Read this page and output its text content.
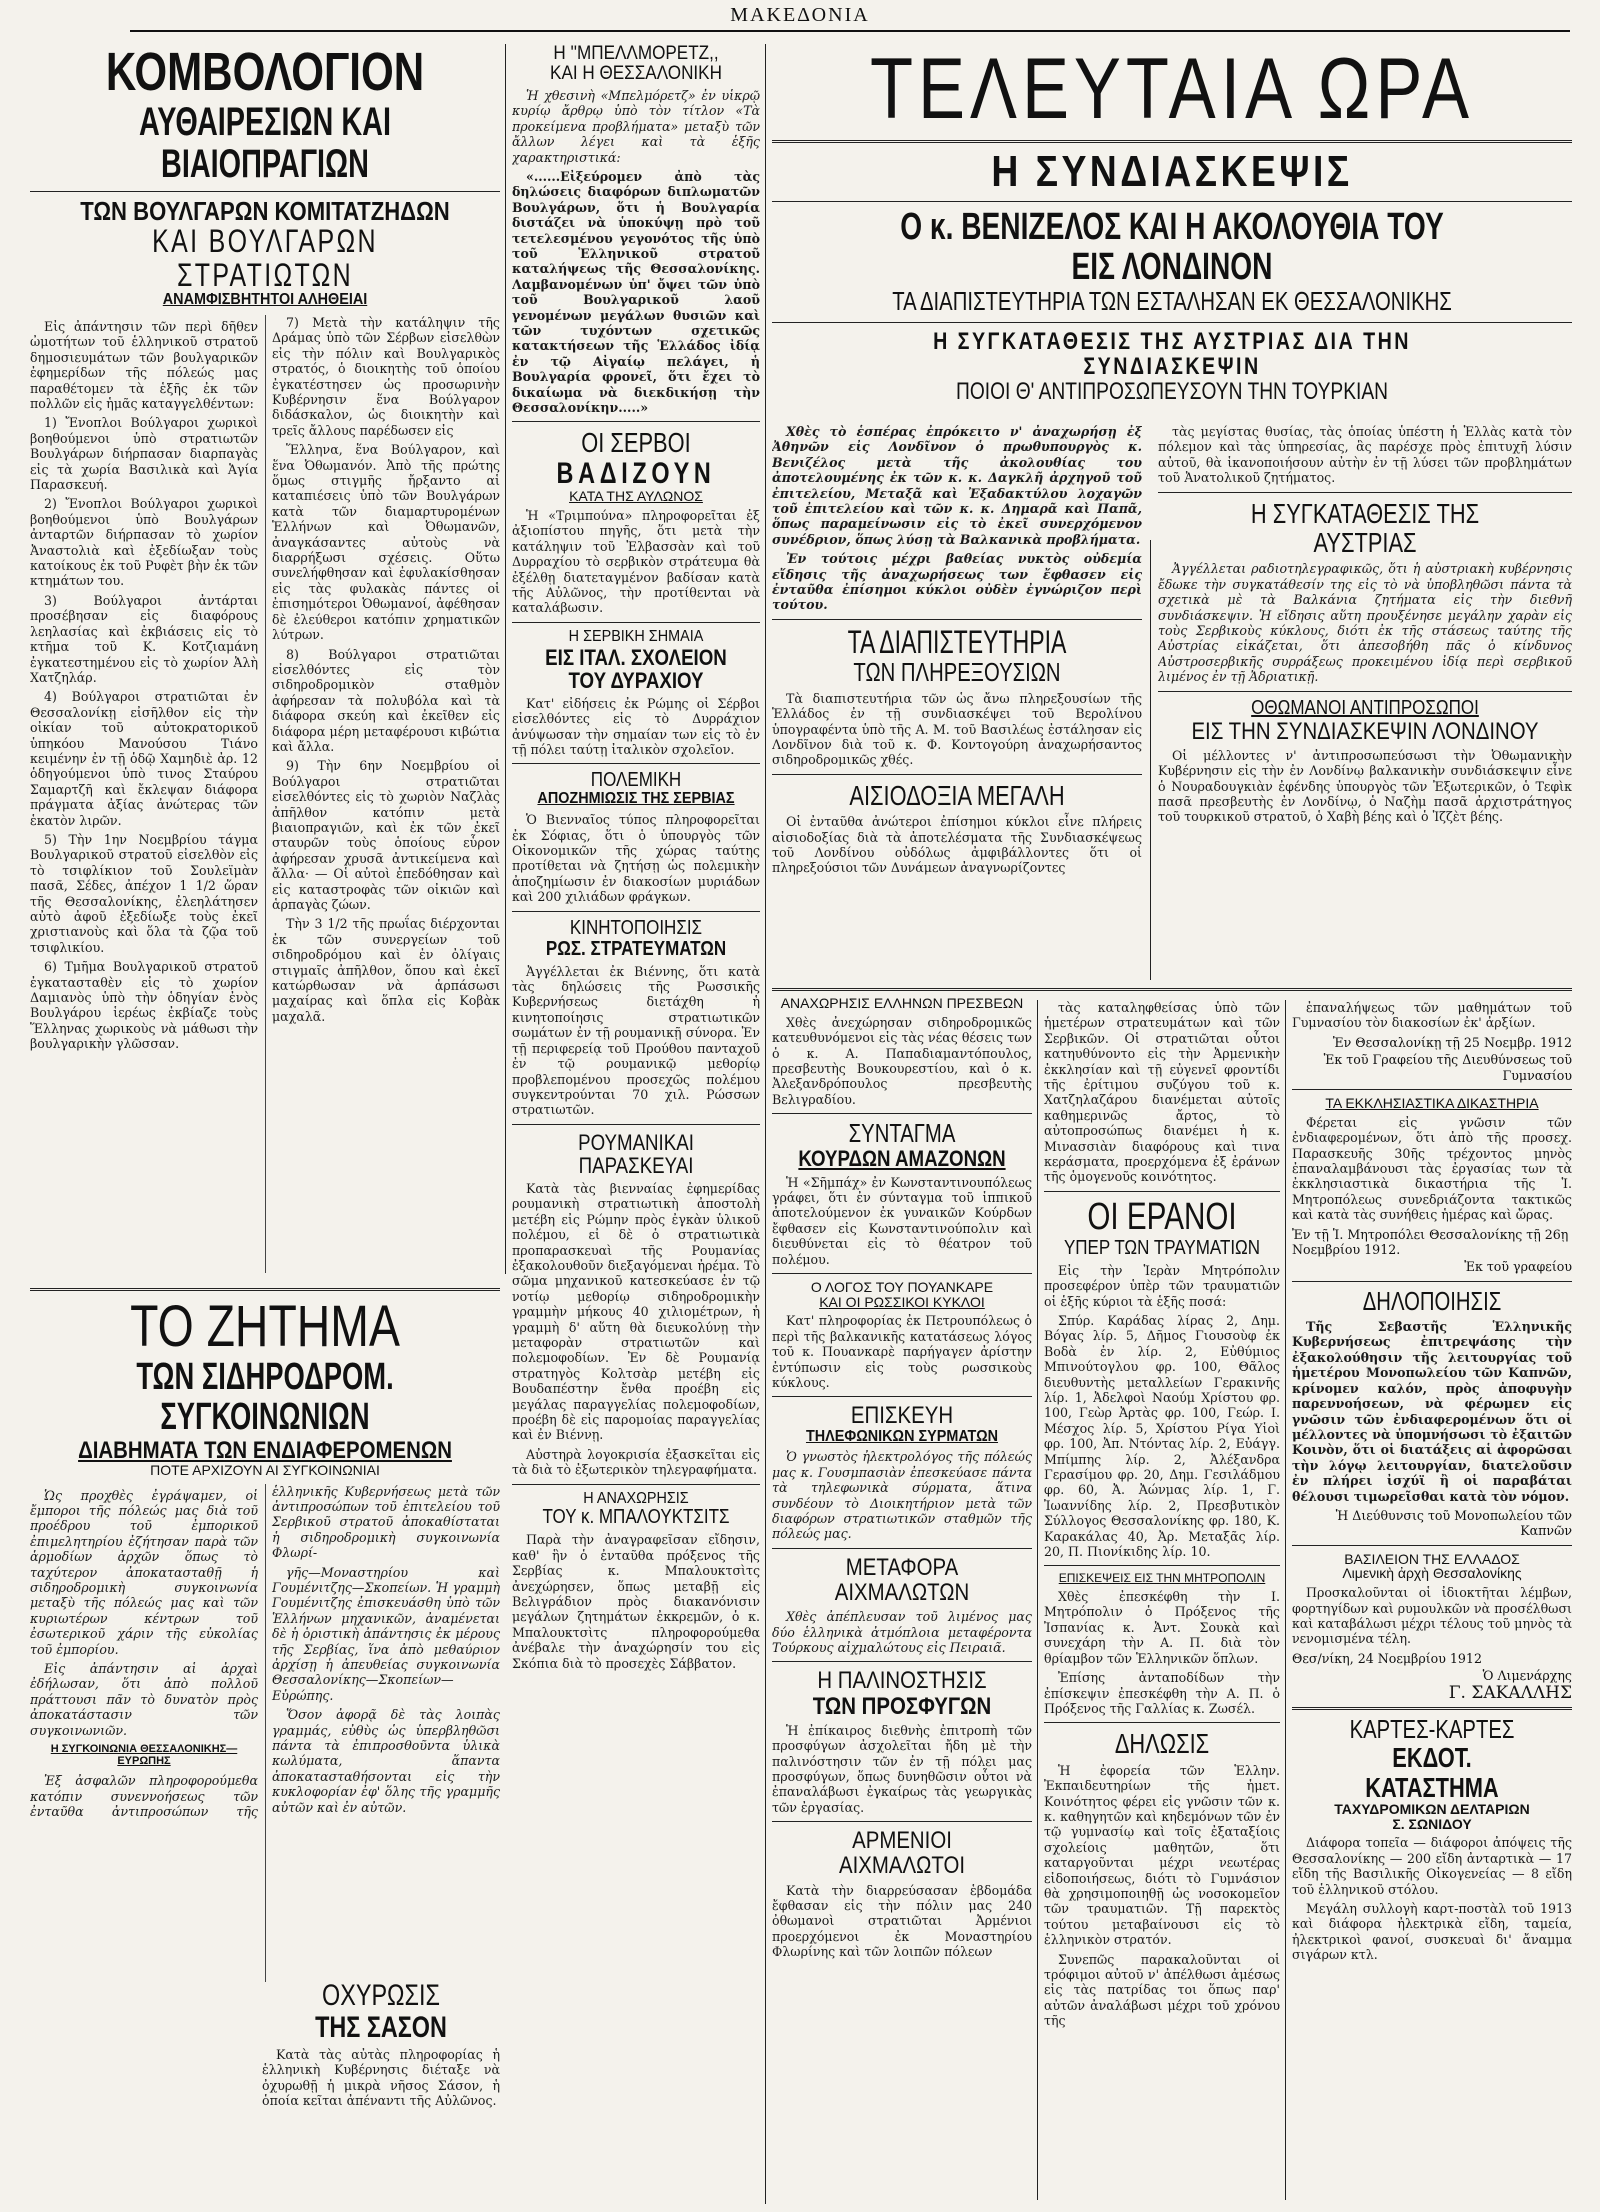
ΜΑΚΕΔΟΝΙΑ

ΚΟΜΒΟΛΟΓΙΟΝ

ΑΥΘΑΙΡΕΣΙΩΝ ΚΑΙ ΒΙΑΙΟΠΡΑΓΙΩΝ

ΤΩΝ ΒΟΥΛΓΑΡΩΝ ΚΟΜΙΤΑΤΖΗΔΩΝ

ΚΑΙ ΒΟΥΛΓΑΡΩΝ ΣΤΡΑΤΙΩΤΩΝ

ΑΝΑΜΦΙΣΒΗΤΗΤΟΙ ΑΛΗΘΕΙΑΙ

Εἰς ἀπάντησιν τῶν περὶ δῆθεν ὠμοτήτων τοῦ ἑλληνικοῦ στρατοῦ δημοσιευμάτων τῶν βουλγαρικῶν ἐφημερίδων τῆς πόλεώς μας παραθέτομεν τὰ ἑξῆς ἐκ τῶν πολλῶν εἰς ἡμᾶς καταγγελθέντων:

1) Ἔνοπλοι Βούλγαροι χωρικοὶ βοηθούμενοι ὑπὸ στρατιωτῶν Βουλγάρων διήρπασαν διαρπαγὰς εἰς τὰ χωρία Βασιλικὰ καὶ Ἁγία Παρασκευή.

2) Ἔνοπλοι Βούλγαροι χωρικοὶ βοηθούμενοι ὑπὸ Βουλγάρων ἀνταρτῶν διήρπασαν τὸ χωρίον Ἀναστολιὰ καὶ ἐξεδίωξαν τοὺς κατοίκους ἐκ τοῦ Ρυφὲτ βὴν ἐκ τῶν κτημάτων του.

3) Βούλγαροι ἀντάρται προσέβησαν εἰς διαφόρους λεηλασίας καὶ ἐκβιάσεις εἰς τὸ κτῆμα τοῦ Κ. Κοτζιαμάνη ἐγκατεστημένου εἰς τὸ χωρίον Ἀλὴ Χατζηλάρ.

4) Βούλγαροι στρατιῶται ἐν Θεσσαλονίκῃ εἰσῆλθον εἰς τὴν οἰκίαν τοῦ αὐτοκρατορικοῦ ὑπηκόου Μανούσου Τιάνο κειμένην ἐν τῇ ὁδῷ Χαμηδιὲ ἀρ. 12 ὁδηγούμενοι ὑπὸ τινος Σταύρου Σαμαρτζῆ καὶ ἔκλεψαν διάφορα πράγματα ἀξίας ἀνώτερας τῶν ἑκατὸν λιρῶν.

5) Τὴν 1ην Νοεμβρίου τάγμα Βουλγαρικοῦ στρατοῦ εἰσελθὸν εἰς τὸ τσιφλίκιον τοῦ Σουλεϊμὰν πασᾶ, Σέδες, ἀπέχον 1 1/2 ὥραν τῆς Θεσσαλονίκης, ἐλεηλάτησεν αὐτὸ ἀφοῦ ἐξεδίωξε τοὺς ἐκεῖ χριστιανοὺς καὶ ὅλα τὰ ζῷα τοῦ τσιφλικίου.

6) Τμῆμα Βουλγαρικοῦ στρατοῦ ἐγκατασταθὲν εἰς τὸ χωρίον Δαμιανὸς ὑπὸ τὴν ὁδηγίαν ἐνὸς Βουλγάρου ἱερέως ἐκβίαζε τοὺς Ἕλληνας χωρικοὺς νὰ μάθωσι τὴν βουλγαρικὴν γλῶσσαν.

7) Μετὰ τὴν κατάληψιν τῆς Δράμας ὑπὸ τῶν Σέρβων εἰσελθὼν εἰς τὴν πόλιν καὶ Βουλγαρικὸς στρατός, ὁ διοικητὴς τοῦ ὁποίου ἐγκατέστησεν ὡς προσωρινὴν Κυβέρνησιν ἕνα Βούλγαρον διδάσκαλον, ὡς διοικητὴν καὶ τρεῖς ἄλλους παρέδωσεν εἰς

Ἕλληνα, ἕνα Βούλγαρον, καὶ ἕνα Ὀθωμανόν. Ἀπὸ τῆς πρώτης ὅμως στιγμῆς ἤρξαντο αἱ καταπιέσεις ὑπὸ τῶν Βουλγάρων κατὰ τῶν διαμαρτυρομένων Ἑλλήνων καὶ Ὀθωμανῶν, ἀναγκάσαντες αὐτοὺς νὰ διαρρήξωσι σχέσεις. Οὕτω συνελήφθησαν καὶ ἐφυλακίσθησαν εἰς τὰς φυλακὰς πάντες οἱ ἐπισημότεροι Ὀθωμανοί, ἀφέθησαν δὲ ἐλεύθεροι κατόπιν χρηματικῶν λύτρων.

8) Βούλγαροι στρατιῶται εἰσελθόντες εἰς τὸν σιδηροδρομικὸν σταθμὸν ἀφήρεσαν τὰ πολυβόλα καὶ τὰ διάφορα σκεύη καὶ ἐκεῖθεν εἰς διάφορα μέρη μεταφέρουσι κιβώτια καὶ ἄλλα.

9) Τὴν 6ην Νοεμβρίου οἱ Βούλγαροι στρατιῶται εἰσελθόντες εἰς τὸ χωριὸν Ναζλὰς ἀπῆλθον κατόπιν μετὰ βιαιοπραγιῶν, καὶ ἐκ τῶν ἐκεῖ σταυρῶν τοὺς ὁποίους εὗρον ἀφήρεσαν χρυσᾶ ἀντικείμενα καὶ ἄλλα· — Οἱ αὐτοὶ ἐπεδόθησαν καὶ εἰς καταστροφὰς τῶν οἰκιῶν καὶ ἁρπαγὰς ζώων.

Τὴν 3 1/2 τῆς πρωΐας διέρχονται ἐκ τῶν συνεργείων τοῦ σιδηροδρόμου καὶ ἐν ὀλίγαις στιγμαῖς ἀπῆλθον, ὅπου καὶ ἐκεῖ κατώρθωσαν νὰ ἁρπάσωσι μαχαίρας καὶ ὅπλα εἰς Κοβὰκ μαχαλᾶ.

ΤΟ ΖΗΤΗΜΑ

ΤΩΝ ΣΙΔΗΡΟΔΡΟΜ. ΣΥΓΚΟΙΝΩΝΙΩΝ

ΔΙΑΒΗΜΑΤΑ ΤΩΝ ΕΝΔΙΑΦΕΡΟΜΕΝΩΝ

ΠΟΤΕ ΑΡΧΙΖΟΥΝ ΑΙ ΣΥΓΚΟΙΝΩΝΙΑΙ

Ὡς προχθὲς ἐγράψαμεν, οἱ ἔμποροι τῆς πόλεώς μας διὰ τοῦ προέδρου τοῦ ἐμπορικοῦ ἐπιμελητηρίου ἐζήτησαν παρὰ τῶν ἁρμοδίων ἀρχῶν ὅπως τὸ ταχύτερον ἀποκατασταθῇ ἡ σιδηροδρομικὴ συγκοινωνία μεταξὺ τῆς πόλεώς μας καὶ τῶν κυριωτέρων κέντρων τοῦ ἐσωτερικοῦ χάριν τῆς εὐκολίας τοῦ ἐμπορίου.

Εἰς ἀπάντησιν αἱ ἀρχαὶ ἐδήλωσαν, ὅτι ἀπὸ πολλοῦ πράττουσι πᾶν τὸ δυνατὸν πρὸς ἀποκατάστασιν τῶν συγκοινωνιῶν.

Η ΣΥΓΚΟΙΝΩΝΙΑ ΘΕΣΣΑΛΟΝΙΚΗΣ—ΕΥΡΩΠΗΣ

Ἐξ ἀσφαλῶν πληροφορούμεθα κατόπιν συνεννοήσεως τῶν ἐνταῦθα ἀντιπροσώπων τῆς ἑλληνικῆς Κυβερνήσεως μετὰ τῶν ἀντιπροσώπων τοῦ ἐπιτελείου τοῦ Σερβικοῦ στρατοῦ ἀποκαθίσταται ἡ σιδηροδρομικὴ συγκοινωνία Φλωρί-

γῆς—Μοναστηρίου καὶ Γουμένιτζης—Σκοπείων. Ἡ γραμμὴ Γουμένιτζης ἐπισκευάσθη ὑπὸ τῶν Ἑλλήνων μηχανικῶν, ἀναμένεται δὲ ἡ ὁριστικὴ ἀπάντησις ἐκ μέρους τῆς Σερβίας, ἵνα ἀπὸ μεθαύριον ἀρχίσῃ ἡ ἀπευθείας συγκοινωνία Θεσσαλονίκης—Σκοπείων—Εὐρώπης.

Ὅσον ἀφορᾷ δὲ τὰς λοιπὰς γραμμάς, εὐθὺς ὡς ὑπερβληθῶσι πάντα τὰ ἐπιπροσθοῦντα ὑλικὰ κωλύματα, ἅπαντα ἀποκατασταθήσονται εἰς τὴν κυκλοφορίαν ἐφ' ὅλης τῆς γραμμῆς αὐτῶν καὶ ἐν αὐτῶν.

ΟΧΥΡΩΣΙΣ

ΤΗΣ ΣΑΣΟΝ

Κατὰ τὰς αὐτὰς πληροφορίας ἡ ἑλληνικὴ Κυβέρνησις διέταξε νὰ ὀχυρωθῇ ἡ μικρὰ νῆσος Σάσον, ἡ ὁποία κεῖται ἀπέναντι τῆς Αὐλῶνος.

Η ''ΜΠΕΛΛΜΟΡΕΤΖ,,

ΚΑΙ Η ΘΕΣΣΑΛΟΝΙΚΗ

Ἡ χθεσινὴ «Μπελμόρετζ» ἐν υἱκρῷ κυρίῳ ἄρθρῳ ὑπὸ τὸν τίτλον «Τὰ προκείμενα προβλήματα» μεταξὺ τῶν ἄλλων λέγει καὶ τὰ ἑξῆς χαρακτηριστικά:

«......Εἰξεύρομεν ἀπὸ τὰς δηλώσεις διαφόρων διπλωματῶν Βουλγάρων, ὅτι ἡ Βουλγαρία διστάζει νὰ ὑποκύψῃ πρὸ τοῦ τετελεσμένου γεγονότος τῆς ὑπὸ τοῦ Ἑλληνικοῦ στρατοῦ καταλήψεως τῆς Θεσσαλονίκης. Λαμβανομένων ὑπ' ὄψει τῶν ὑπὸ τοῦ Βουλγαρικοῦ λαοῦ γενομένων μεγάλων θυσιῶν καὶ τῶν τυχόντων σχετικῶς κατακτήσεων τῆς Ἑλλάδος ἰδίᾳ ἐν τῷ Αἰγαίῳ πελάγει, ἡ Βουλγαρία φρονεῖ, ὅτι ἔχει τὸ δικαίωμα νὰ διεκδικήσῃ τὴν Θεσσαλονίκην.....»

ΟΙ ΣΕΡΒΟΙ

ΒΑΔΙΖΟΥΝ

ΚΑΤΑ ΤΗΣ ΑΥΛΩΝΟΣ

Ἡ «Τριμπούνα» πληροφορεῖται ἐξ ἀξιοπίστου πηγῆς, ὅτι μετὰ τὴν κατάληψιν τοῦ Ἐλβασσὰν καὶ τοῦ Δυρραχίου τὸ σερβικὸν στράτευμα θὰ ἐξέλθῃ διατεταγμένον βαδίσαν κατὰ τῆς Αὐλῶνος, τὴν προτίθενται νὰ καταλάβωσιν.

Η ΣΕΡΒΙΚΗ ΣΗΜΑΙΑ

ΕΙΣ ΙΤΑΛ. ΣΧΟΛΕΙΟΝ

ΤΟΥ ΔΥΡΑΧΙΟΥ

Κατ' εἰδήσεις ἐκ Ρώμης οἱ Σέρβοι εἰσελθόντες εἰς τὸ Δυρράχιον ἀνύψωσαν τὴν σημαίαν των εἰς τὸ ἐν τῇ πόλει ταύτῃ ἰταλικὸν σχολεῖον.

ΠΟΛΕΜΙΚΗ

ΑΠΟΖΗΜΙΩΣΙΣ ΤΗΣ ΣΕΡΒΙΑΣ

Ὁ Βιενναῖος τύπος πληροφορεῖται ἐκ Σόφιας, ὅτι ὁ ὑπουργὸς τῶν Οἰκονομικῶν τῆς χώρας ταύτης προτίθεται νὰ ζητήσῃ ὡς πολεμικὴν ἀποζημίωσιν ἐν διακοσίων μυριάδων καὶ 200 χιλιάδων φράγκων.

ΚΙΝΗΤΟΠΟΙΗΣΙΣ

ΡΩΣ. ΣΤΡΑΤΕΥΜΑΤΩΝ

Ἀγγέλλεται ἐκ Βιέννης, ὅτι κατὰ τὰς δηλώσεις τῆς Ρωσσικῆς Κυβερνήσεως διετάχθη ἡ κινητοποίησις στρατιωτικῶν σωμάτων ἐν τῇ ρουμανικῇ σύνορα. Ἐν τῇ περιφερείᾳ τοῦ Προύθου πανταχοῦ ἐν τῷ ρουμανικῷ μεθορίῳ προβλεπομένου προσεχῶς πολέμου συγκεντρούνται 70 χιλ. Ρώσσων στρατιωτῶν.

ΡΟΥΜΑΝΙΚΑΙ

ΠΑΡΑΣΚΕΥΑΙ

Κατὰ τὰς βιενναίας ἐφημερίδας ρουμανικὴ στρατιωτικὴ ἀποστολὴ μετέβη εἰς Ρώμην πρὸς ἐγκὰν ὑλικοῦ πολέμου, εἰ δὲ ὁ στρατιωτικὰ προπαρασκευαὶ τῆς Ρουμανίας ἐξακολουθοῦν διεξαγόμεναι ἠρέμα. Τὸ σῶμα μηχανικοῦ κατεσκεύασε ἐν τῷ νοτίῳ μεθορίῳ σιδηροδρομικὴν γραμμὴν μήκους 40 χιλιομέτρων, ἡ γραμμὴ δ' αὕτη θὰ διευκολύνῃ τὴν μεταφορὰν στρατιωτῶν καὶ πολεμοφοδίων. Ἐν δὲ Ρουμανίᾳ στρατηγὸς Κολτσὰρ μετέβη εἰς Βουδαπέστην ἔνθα προέβη εἰς μεγάλας παραγγελίας πολεμοφοδίων, προέβη δὲ εἰς παρομοίας παραγγελίας καὶ ἐν Βιέννῃ.

Αὐστηρὰ λογοκρισία ἐξασκεῖται εἰς τὰ διὰ τὸ ἐξωτερικὸν τηλεγραφήματα.

Η ΑΝΑΧΩΡΗΣΙΣ

ΤΟΥ κ. ΜΠΑΛΟΥΚΤΣΙΤΣ

Παρὰ τὴν ἀναγραφεῖσαν εἴδησιν, καθ' ἣν ὁ ἐνταῦθα πρόξενος τῆς Σερβίας κ. Μπαλουκτσὶτς ἀνεχώρησεν, ὅπως μεταβῇ εἰς Βελιγράδιον πρὸς διακανόνισιν μεγάλων ζητημάτων ἐκκρεμῶν, ὁ κ. Μπαλουκτσὶτς πληροφορούμεθα ἀνέβαλε τὴν ἀναχώρησίν του εἰς Σκόπια διὰ τὸ προσεχὲς Σάββατον.

ΤΕΛΕΥΤΑΙΑ ΩΡΑ

Η ΣΥΝΔΙΑΣΚΕΨΙΣ

Ο κ. ΒΕΝΙΖΕΛΟΣ ΚΑΙ Η ΑΚΟΛΟΥΘΙΑ ΤΟΥ ΕΙΣ ΛΟΝΔΙΝΟΝ

ΤΑ ΔΙΑΠΙΣΤΕΥΤΗΡΙΑ ΤΩΝ ΕΣΤΑΛΗΣΑΝ ΕΚ ΘΕΣΣΑΛΟΝΙΚΗΣ

Η ΣΥΓΚΑΤΑΘΕΣΙΣ ΤΗΣ ΑΥΣΤΡΙΑΣ ΔΙΑ ΤΗΝ ΣΥΝΔΙΑΣΚΕΨΙΝ

ΠΟΙΟΙ Θ' ΑΝΤΙΠΡΟΣΩΠΕΥΣΟΥΝ ΤΗΝ ΤΟΥΡΚΙΑΝ

Χθὲς τὸ ἑσπέρας ἐπρόκειτο ν' ἀναχωρήσῃ ἐξ Ἀθηνῶν εἰς Λονδῖνον ὁ πρωθυπουργὸς κ. Βενιζέλος μετὰ τῆς ἀκολουθίας του ἀποτελουμένης ἐκ τῶν κ. κ. Δαγκλῆ ἀρχηγοῦ τοῦ ἐπιτελείου, Μεταξᾶ καὶ Ἐξαδακτύλου λοχαγῶν τοῦ ἐπιτελείου καὶ τῶν κ. κ. Δημαρᾶ καὶ Παπᾶ, ὅπως παραμείνωσιν εἰς τὸ ἐκεῖ συνερχόμενον συνέδριον, ὅπως λύσῃ τὰ Βαλκανικὰ προβλήματα.

Ἐν τούτοις μέχρι βαθείας νυκτὸς οὐδεμία εἴδησις τῆς ἀναχωρήσεως των ἔφθασεν εἰς ἐνταῦθα ἐπίσημοι κύκλοι οὐδὲν ἐγνώριζον περὶ τούτου.

ΤΑ ΔΙΑΠΙΣΤΕΥΤΗΡΙΑ

ΤΩΝ ΠΛΗΡΕΞΟΥΣΙΩΝ

Τὰ διαπιστευτήρια τῶν ὡς ἄνω πληρεξουσίων τῆς Ἑλλάδος ἐν τῇ συνδιασκέψει τοῦ Βερολίνου ὑπογραφέντα ὑπὸ τῆς Α. Μ. τοῦ Βασιλέως ἐστάλησαν εἰς Λονδῖνον διὰ τοῦ κ. Φ. Κοντογούρη ἀναχωρήσαντος σιδηροδρομικῶς χθές.

ΑΙΣΙΟΔΟΞΙΑ ΜΕΓΑΛΗ

Οἱ ἐνταῦθα ἀνώτεροι ἐπίσημοι κύκλοι εἶνε πλήρεις αἰσιοδοξίας διὰ τὰ ἀποτελέσματα τῆς Συνδιασκέψεως τοῦ Λονδίνου οὐδόλως ἀμφιβάλλοντες ὅτι οἱ πληρεξούσιοι τῶν Δυνάμεων ἀναγνωρίζοντες

τὰς μεγίστας θυσίας, τὰς ὁποίας ὑπέστη ἡ Ἑλλὰς κατὰ τὸν πόλεμον καὶ τὰς ὑπηρεσίας, ἃς παρέσχε πρὸς ἐπιτυχῆ λύσιν αὐτοῦ, θὰ ἱκανοποιήσουν αὐτὴν ἐν τῇ λύσει τῶν προβλημάτων τοῦ Ἀνατολικοῦ ζητήματος.

Η ΣΥΓΚΑΤΑΘΕΣΙΣ ΤΗΣ ΑΥΣΤΡΙΑΣ

Ἀγγέλλεται ραδιοτηλεγραφικῶς, ὅτι ἡ αὐστριακὴ κυβέρνησις ἔδωκε τὴν συγκατάθεσίν της εἰς τὸ νὰ ὑποβληθῶσι πάντα τὰ σχετικὰ μὲ τὰ Βαλκάνια ζητήματα εἰς τὴν διεθνῆ συνδιάσκεψιν. Ἡ εἴδησις αὕτη προυξένησε μεγάλην χαρὰν εἰς τοὺς Σερβικοὺς κύκλους, διότι ἐκ τῆς στάσεως ταύτης τῆς Αὐστρίας εἰκάζεται, ὅτι ἀπεσοβήθη πᾶς ὁ κίνδυνος Αὐστροσερβικῆς συρράξεως προκειμένου ἰδίᾳ περὶ σερβικοῦ λιμένος ἐν τῇ Ἀδριατικῇ.

ΟΘΩΜΑΝΟΙ ΑΝΤΙΠΡΟΣΩΠΟΙ

ΕΙΣ ΤΗΝ ΣΥΝΔΙΑΣΚΕΨΙΝ ΛΟΝΔΙΝΟΥ

Οἱ μέλλοντες ν' ἀντιπροσωπεύσωσι τὴν Ὀθωμανικὴν Κυβέρνησιν εἰς τὴν ἐν Λονδίνῳ βαλκανικὴν συνδιάσκεψιν εἶνε ὁ Νουραδουγκιὰν ἐφένδης ὑπουργὸς τῶν Ἐξωτερικῶν, ὁ Τεφὶκ πασᾶ πρεσβευτὴς ἐν Λονδίνῳ, ὁ Ναζὴμ πασᾶ ἀρχιστράτηγος τοῦ τουρκικοῦ στρατοῦ, ὁ Χαβὴ βέης καὶ ὁ Ἰζζὲτ βέης.

ΑΝΑΧΩΡΗΣΙΣ ΕΛΛΗΝΩΝ ΠΡΕΣΒΕΩΝ

Χθὲς ἀνεχώρησαν σιδηροδρομικῶς κατευθυνόμενοι εἰς τὰς νέας θέσεις των ὁ κ. Α. Παπαδιαμαντόπουλος, πρεσβευτὴς Βουκουρεστίου, καὶ ὁ κ. Ἀλεξανδρόπουλος πρεσβευτὴς Βελιγραδίου.

ΣΥΝΤΑΓΜΑ

ΚΟΥΡΔΩΝ ΑΜΑΖΟΝΩΝ

Ἡ «Σῆμπάχ» ἐν Κωνσταντινουπόλεως γράφει, ὅτι ἐν σύνταγμα τοῦ ἱππικοῦ ἀποτελούμενον ἐκ γυναικῶν Κούρδων ἔφθασεν εἰς Κωνσταντινούπολιν καὶ διευθύνεται εἰς τὸ θέατρον τοῦ πολέμου.

Ο ΛΟΓΟΣ ΤΟΥ ΠΟΥΑΝΚΑΡΕ

ΚΑΙ ΟΙ ΡΩΣΣΙΚΟΙ ΚΥΚΛΟΙ

Κατ' πληροφορίας ἐκ Πετρουπόλεως ὁ περὶ τῆς βαλκανικῆς κατατάσεως λόγος τοῦ κ. Πουανκαρὲ παρήγαγεν ἀρίστην ἐντύπωσιν εἰς τοὺς ρωσσικοὺς κύκλους.

ΕΠΙΣΚΕΥΗ

ΤΗΛΕΦΩΝΙΚΩΝ ΣΥΡΜΑΤΩΝ

Ὁ γνωστὸς ἠλεκτρολόγος τῆς πόλεώς μας κ. Γουσμπασιὰν ἐπεσκεύασε πάντα τὰ τηλεφωνικὰ σύρματα, ἅτινα συνδέουν τὸ Διοικητήριον μετὰ τῶν διαφόρων στρατιωτικῶν σταθμῶν τῆς πόλεώς μας.

ΜΕΤΑΦΟΡΑ ΑΙΧΜΑΛΩΤΩΝ

Χθὲς ἀπέπλευσαν τοῦ λιμένος μας δύο ἑλληνικὰ ἀτμόπλοια μεταφέροντα Τούρκους αἰχμαλώτους εἰς Πειραιᾶ.

Η ΠΑΛΙΝΟΣΤΗΣΙΣ

ΤΩΝ ΠΡΟΣΦΥΓΩΝ

Ἡ ἐπίκαιρος διεθνὴς ἐπιτροπὴ τῶν προσφύγων ἀσχολεῖται ἤδη μὲ τὴν παλινόστησιν τῶν ἐν τῇ πόλει μας προσφύγων, ὅπως δυνηθῶσιν οὗτοι νὰ ἐπαναλάβωσι ἐγκαίρως τὰς γεωργικὰς τῶν ἐργασίας.

ΑΡΜΕΝΙΟΙ ΑΙΧΜΑΛΩΤΟΙ

Κατὰ τὴν διαρρεύσασαν ἑβδομάδα ἔφθασαν εἰς τὴν πόλιν μας 240 ὀθωμανοὶ στρατιῶται Ἀρμένιοι προερχόμενοι ἐκ Μοναστηρίου Φλωρίνης καὶ τῶν λοιπῶν πόλεων

τὰς καταληφθείσας ὑπὸ τῶν ἡμετέρων στρατευμάτων καὶ τῶν Σερβικῶν. Οἱ στρατιῶται οὗτοι κατηυθύνοντο εἰς τὴν Ἀρμενικὴν ἐκκλησίαν καὶ τῇ εὐγενεῖ φροντίδι τῆς ἐρίτιμου συζύγου τοῦ κ. Χατζηλαζάρου διανέμεται αὐτοῖς καθημερινῶς ἄρτος, τὸ αὐτοπροσώπως διανέμει ἡ κ. Μινασσιὰν διαφόρους καὶ τινα κεράσματα, προερχόμενα ἐξ ἐράνων τῆς ὁμογενοῦς κοινότητος.

ΟΙ ΕΡΑΝΟΙ

ΥΠΕΡ ΤΩΝ ΤΡΑΥΜΑΤΙΩΝ

Εἰς τὴν Ἱερὰν Μητρόπολιν προσεφέρον ὑπὲρ τῶν τραυματιῶν οἱ ἑξῆς κύριοι τὰ ἑξῆς ποσά:

Σπύρ. Καράδας λίρας 2, Δημ. Βόγας λίρ. 5, Δῆμος Γιουσοὺφ ἐκ Βοδὰ ἐν λίρ. 2, Εὐθύμιος Μπινούτογλου φρ. 100, Θᾶλος διευθυντὴς μεταλλείων Γερακινῆς λίρ. 1, Ἀδελφοὶ Ναούμ Χρίστου φρ. 100, Γεὼρ Ἀρτὰς φρ. 100, Γεώρ. Ι. Μέσχος λίρ. 5, Χρίστου Ρίγα Υἱοὶ φρ. 100, Ἀπ. Ντόντας λίρ. 2, Εὐάγγ. Μπίμπης λίρ. 2, Ἀλέξανδρα Γερασίμου φρ. 20, Δημ. Γεσιλάδμου φρ. 60, Ἀ. Ἀώνμας λίρ. 1, Γ. Ἰωαννίδης λίρ. 2, Πρεσβυτικὸν Σύλλογος Θεσσαλονίκης φρ. 180, Κ. Καρακάλας 40, Ἀρ. Μεταξᾶς λίρ. 20, Π. Πιονίκιδης λίρ. 10.

ΕΠΙΣΚΕΨΕΙΣ ΕΙΣ ΤΗΝ ΜΗΤΡΟΠΟΛΙΝ

Χθὲς ἐπεσκέφθη τὴν Ι. Μητρόπολιν ὁ Πρόξενος τῆς Ἰσπανίας κ. Ἀντ. Σουκὰ καὶ συνεχάρη τὴν Α. Π. διὰ τὸν θρίαμβον τῶν Ἑλληνικῶν ὅπλων.

Ἐπίσης ἀνταποδίδων τὴν ἐπίσκεψιν ἐπεσκέφθη τὴν Α. Π. ὁ Πρόξενος τῆς Γαλλίας κ. Ζωσέλ.

ΔΗΛΩΣΙΣ

Ἡ ἐφορεία τῶν Ἑλλην. Ἐκπαιδευτηρίων τῆς ἡμετ. Κοινότητος φέρει εἰς γνῶσιν τῶν κ. κ. καθηγητῶν καὶ κηδεμόνων τῶν ἐν τῷ γυμνασίῳ καὶ τοῖς ἐξαταξίοις σχολείοις μαθητῶν, ὅτι καταργοῦνται μέχρι νεωτέρας εἰδοποιήσεως, διότι τὸ Γυμνάσιον θὰ χρησιμοποιηθῇ ὡς νοσοκομεῖον τῶν τραυματιῶν. Τῇ παρεκτὸς τούτου μεταβαίνουσι εἰς τὸ ἑλληνικὸν στρατόν.

Συνεπῶς παρακαλοῦνται οἱ τρόφιμοι αὐτοῦ ν' ἀπέλθωσι ἀμέσως εἰς τὰς πατρίδας τοι ὅπως παρ' αὐτῶν ἀναλάβωσι μέχρι τοῦ χρόνου τῆς

ἐπαναλήψεως τῶν μαθημάτων τοῦ Γυμνασίου τὸν διακοσίων ἐκ' ἀρξίων.

Ἐν Θεσσαλονίκῃ τῇ 25 Νοεμβρ. 1912

Ἐκ τοῦ Γραφείου τῆς Διευθύνσεως τοῦ Γυμνασίου

ΤΑ ΕΚΚΛΗΣΙΑΣΤΙΚΑ ΔΙΚΑΣΤΗΡΙΑ

Φέρεται εἰς γνῶσιν τῶν ἐνδιαφερομένων, ὅτι ἀπὸ τῆς προσεχ. Παρασκευῆς 30ῆς τρέχοντος μηνὸς ἐπαναλαμβάνουσι τὰς ἐργασίας των τὰ ἐκκλησιαστικὰ δικαστήρια τῆς Ἱ. Μητροπόλεως συνεδριάζοντα τακτικῶς καὶ κατὰ τὰς συνήθεις ἡμέρας καὶ ὥρας.

Ἐν τῇ Ἱ. Μητροπόλει Θεσσαλονίκης τῇ 26ῃ Νοεμβρίου 1912.

Ἐκ τοῦ γραφείου

ΔΗΛΟΠΟΙΗΣΙΣ

Τῆς Σεβαστῆς Ἑλληνικῆς Κυβερνήσεως ἐπιτρεψάσης τὴν ἐξακολούθησιν τῆς λειτουργίας τοῦ ἡμετέρου Μονοπωλείου τῶν Καπνῶν, κρίνομεν καλόν, πρὸς ἀποφυγὴν παρεννοήσεων, νὰ φέρωμεν εἰς γνῶσιν τῶν ἐνδιαφερομένων ὅτι οἱ μέλλοντες νὰ ὑπομνήσωσι τὸ ἐξαιτῶν Κοινὸν, ὅτι οἱ διατάξεις αἱ ἀφορῶσαι τὴν λόγῳ λειτουργίαν, διατελοῦσιν ἐν πλήρει ἰσχύϊ ἢ οἱ παραβάται θέλουσι τιμωρεῖσθαι κατὰ τὸν νόμον.

Ἡ Διεύθυνσις τοῦ Μονοπωλείου τῶν Καπνῶν

ΒΑΣΙΛΕΙΟΝ ΤΗΣ ΕΛΛΑΔΟΣ

Λιμενικὴ ἀρχὴ Θεσσαλονίκης

Προσκαλοῦνται οἱ ἰδιοκτῆται λέμβων, φορτηγίδων καὶ ρυμουλκῶν νὰ προσέλθωσι καὶ καταβάλωσι μέχρι τέλους τοῦ μηνὸς τὰ νενομισμένα τέλη.

Θεσ/νίκη, 24 Νοεμβρίου 1912

Ὁ Λιμενάρχης

Γ. ΣΑΚΑΛΛΗΣ

ΚΑΡΤΕΣ-ΚΑΡΤΕΣ

ΕΚΔΟΤ. ΚΑΤΑΣΤΗΜΑ

ΤΑΧΥΔΡΟΜΙΚΩΝ ΔΕΛΤΑΡΙΩΝ

Σ. ΣΩΝΙΔΟΥ

Διάφορα τοπεῖα — διάφοροι ἀπόψεις τῆς Θεσσαλονίκης — 200 εἴδη ἀνταρτικὰ — 17 εἴδη τῆς Βασιλικῆς Οἰκογενείας — 8 εἴδη τοῦ ἑλληνικοῦ στόλου.

Μεγάλη συλλογὴ καρτ-ποστὰλ τοῦ 1913 καὶ διάφορα ἠλεκτρικὰ εἴδη, ταμεία, ἠλεκτρικοὶ φανοί, συσκευαὶ δι' ἄναμμα σιγάρων κτλ.
